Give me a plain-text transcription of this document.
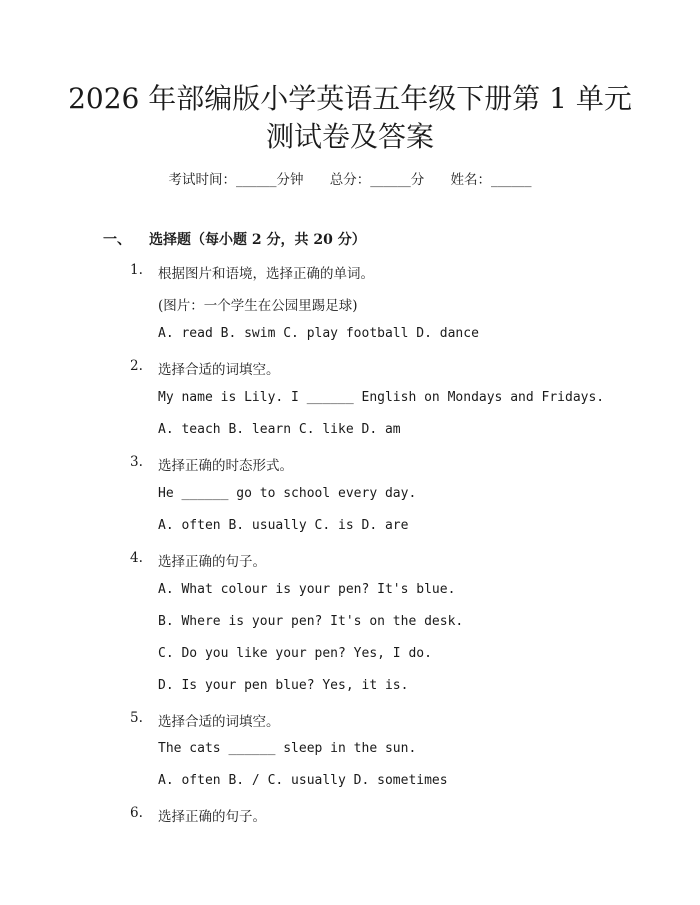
2026 年部编版小学英语五年级下册第 1 单元
测试卷及答案
考试时间：______分钟 总分：______分 姓名：______
一、 选择题（每小题 2 分，共 20 分）
1. 根据图片和语境，选择正确的单词。
(图片：一个学生在公园里踢足球)
A. read B. swim C. play football D. dance
2. 选择合适的词填空。
My name is Lily. I ______ English on Mondays and Fridays.
A. teach B. learn C. like D. am
3. 选择正确的时态形式。
He ______ go to school every day.
A. often B. usually C. is D. are
4. 选择正确的句子。
A. What colour is your pen? It's blue.
B. Where is your pen? It's on the desk.
C. Do you like your pen? Yes, I do.
D. Is your pen blue? Yes, it is.
5. 选择合适的词填空。
The cats ______ sleep in the sun.
A. often B. / C. usually D. sometimes
6. 选择正确的句子。
